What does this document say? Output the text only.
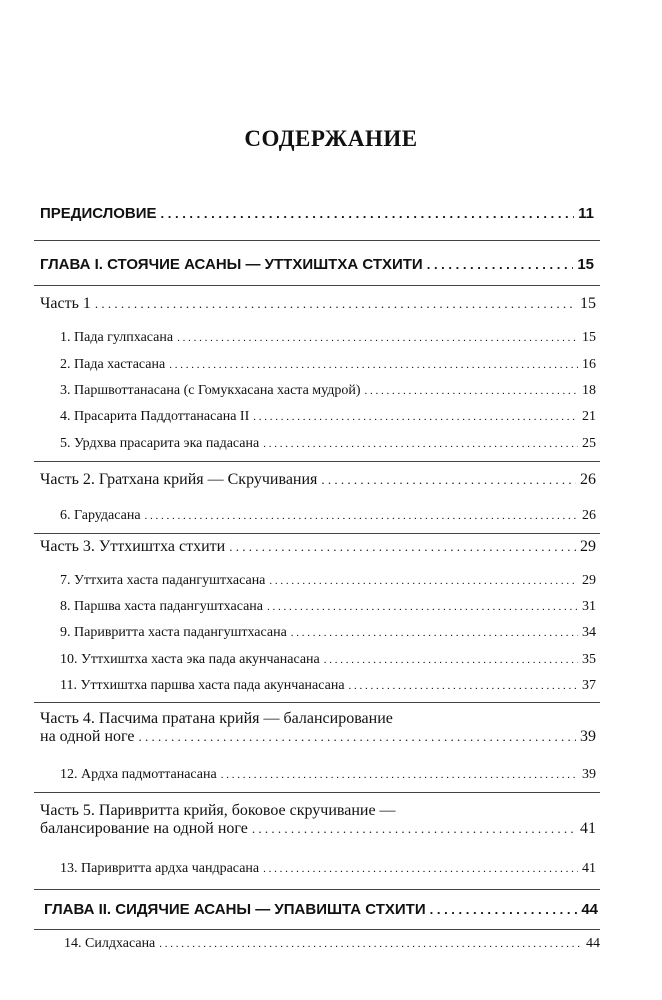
СОДЕРЖАНИЕ
ПРЕДИСЛОВИЕ . . .	11
ГЛАВА I. СТОЯЧИЕ АСАНЫ — УТТХИШТХА СТХИТИ . . .	15
Часть 1 . . .	15
1. Пада гулпхасана . . .	15
2. Пада хастасана . . .	16
3. Паршвоттанасана (с Гомукхасана хаста мудрой) . . .	18
4. Прасарита Паддоттанасана II . . .	21
5. Урдхва прасарита эка падасана . . .	25
Часть 2. Гратхана крийя — Скручивания . . .	26
6. Гарудасана . . .	26
Часть 3. Уттхиштха стхити . . .	29
7. Уттхита хаста падангуштхасана . . .	29
8. Паршва хаста падангуштхасана . . .	31
9. Паривритта хаста падангуштхасана . . .	34
10. Уттхиштха хаста эка пада акунчанасана . . .	35
11. Уттхиштха паршва хаста пада акунчанасана . . .	37
Часть 4. Пасчима пратана крийя — балансирование
на одной ноге . . .	39
12. Ардха падмоттанасана . . .	39
Часть 5. Паривритта крийя, боковое скручивание —
балансирование на одной ноге . . .	41
13. Паривритта ардха чандрасана . . .	41
ГЛАВА II. СИДЯЧИЕ АСАНЫ — УПАВИШТА СТХИТИ . . .	44
14. Силдхасана . . .	44
